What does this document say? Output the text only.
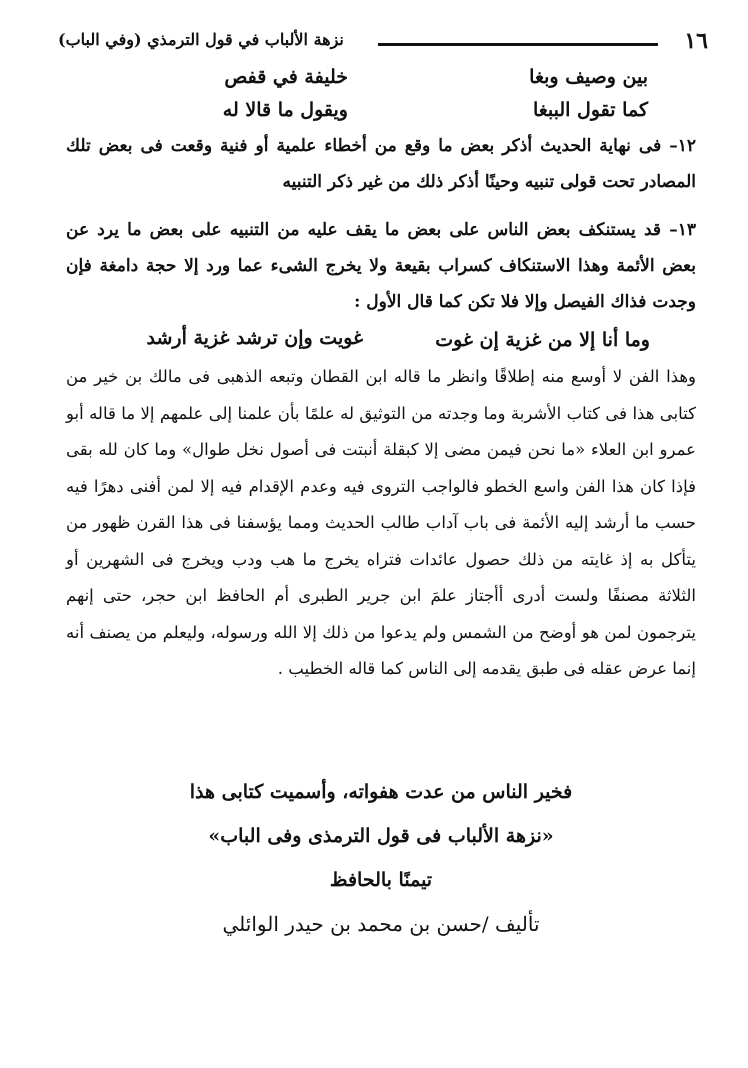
١٦
نزهة الألباب في قول الترمذي (وفي الباب)
خليفة في قفص	بين وصيف وبغا
ويقول ما قالا له	كما تقول الببغا

١٢– فى نهاية الحديث أذكر بعض ما وقع من أخطاء علمية أو فنية وقعت فى بعض تلك المصادر تحت قولى تنبيه وحينًا أذكر ذلك من غير ذكر التنبيه

١٣– قد يستنكف بعض الناس على بعض ما يقف عليه من التنبيه على بعض ما يرد عن بعض الأئمة وهذا الاستنكاف كسراب بقيعة ولا يخرج الشىء عما ورد إلا حجة دامغة فإن وجدت فذاك الفيصل وإلا فلا تكن كما قال الأول :

وما أنا إلا من غزية إن غوت
غويت وإن ترشد غزية أرشد

وهذا الفن لا أوسع منه إطلاقًا وانظر ما قاله ابن القطان وتبعه الذهبى فى مالك بن خير من كتابى هذا فى كتاب الأشربة وما وجدته من التوثيق له علمًا بأن علمنا إلى علمهم إلا ما قاله أبو عمرو ابن العلاء «ما نحن فيمن مضى إلا كبقلة أنبتت فى أصول نخل طوال» وما كان لله بقى فإذا كان هذا الفن واسع الخطو فالواجب التروى فيه وعدم الإقدام فيه إلا لمن أفنى دهرًا فيه حسب ما أرشد إليه الأئمة فى باب آداب طالب الحديث ومما يؤسفنا فى هذا القرن ظهور من يتأكل به إذ غايته من ذلك حصول عائدات فتراه يخرج ما هب ودب ويخرج فى الشهرين أو الثلاثة مصنفًا ولست أدرى أأجتاز علمَ ابن جرير الطبرى أم الحافظ ابن حجر، حتى إنهم يترجمون لمن هو أوضح من الشمس ولم يدعوا من ذلك إلا الله ورسوله، وليعلم من يصنف أنه إنما عرض عقله فى طبق يقدمه إلى الناس كما قاله الخطيب .

فخير الناس من عدت هفواته، وأسميت كتابى هذا
«نزهة الألباب فى قول الترمذى وفى الباب»
تيمنًا بالحافظ
تأليف /حسن بن محمد بن حيدر الوائلي
